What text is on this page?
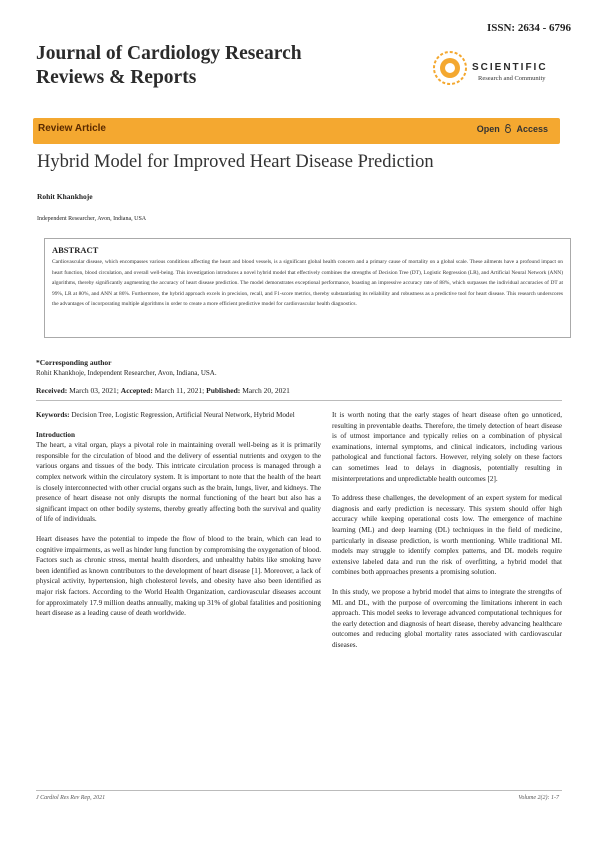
ISSN: 2634 - 6796
Journal of Cardiology Research
Reviews & Reports	SCIENTIFIC
Research and Community
Review Article	Open Access
Hybrid Model for Improved Heart Disease Prediction
Rohit Khankhoje
Independent Researcher, Avon, Indiana, USA
ABSTRACT
Cardiovascular disease, which encompasses various conditions affecting the heart and blood vessels, is a significant global health concern and a primary cause of mortality on a global scale. These ailments have a profound impact on heart function, blood circulation, and overall well-being. This investigation introduces a novel hybrid model that effectively combines the strengths of Decision Tree (DT), Logistic Regression (LR), and Artificial Neural Network (ANN) algorithms, thereby significantly augmenting the accuracy of heart disease prediction. The model demonstrates exceptional performance, boasting an impressive accuracy rate of 88%, which surpasses the individual accuracies of DT at 99%, LR at 80%, and ANN at 86%. Furthermore, the hybrid approach excels in precision, recall, and F1-score metrics, thereby substantiating its reliability and robustness as a predictive tool for heart disease. This research underscores the advantages of incorporating multiple algorithms in order to create a more efficient predictive model for cardiovascular health diagnostics.
*Corresponding author
Rohit Khankhoje, Independent Researcher, Avon, Indiana, USA.
Received: March 03, 2021; Accepted: March 11, 2021; Published: March 20, 2021

Keywords: Decision Tree, Logistic Regression, Artificial Neural Network, Hybrid Model

Introduction
The heart, a vital organ, plays a pivotal role in maintaining overall well-being as it is primarily responsible for the circulation of blood and the delivery of essential nutrients and oxygen to the various organs and tissues of the body. This intricate circulation process is managed through a complex network within the circulatory system. It is important to note that the health of the heart is closely interconnected with other crucial organs such as the brain, lungs, liver, and kidneys. The presence of heart disease not only disrupts the normal functioning of the heart but also has a significant impact on other bodily systems, thereby greatly affecting both the survival and quality of life of individuals.

Heart diseases have the potential to impede the flow of blood to the brain, which can lead to cognitive impairments, as well as hinder lung function by compromising the oxygenation of blood. Factors such as chronic stress, mental health disorders, and unhealthy habits like smoking have been identified as known contributors to the development of heart disease [1]. Moreover, a lack of physical activity, hypertension, high cholesterol levels, and obesity have also been identified as major risk factors. According to the World Health Organization, cardiovascular diseases account for approximately 17.9 million deaths annually, making up 31% of global fatalities and positioning heart disease as a leading cause of death worldwide.

It is worth noting that the early stages of heart disease often go unnoticed, resulting in preventable deaths. Therefore, the timely detection of heart disease is of utmost importance and typically relies on a combination of physical examinations, internal symptoms, and clinical indicators, including various pathological and functional factors. However, relying solely on these factors can sometimes lead to delays in diagnosis, potentially resulting in misinterpretations and unpredictable health outcomes [2].

To address these challenges, the development of an expert system for medical diagnosis and early prediction is necessary. This system should offer high accuracy while keeping operational costs low. The emergence of machine learning (ML) and deep learning (DL) techniques in the field of medicine, particularly in disease prediction, is worth mentioning. While traditional ML models may struggle to identify complex patterns, and DL models require extensive labeled data and run the risk of overfitting, a hybrid model that combines both approaches presents a promising solution.

In this study, we propose a hybrid model that aims to integrate the strengths of ML and DL, with the purpose of overcoming the limitations inherent in each approach. This model seeks to leverage advanced computational techniques for the early detection and diagnosis of heart disease, thereby advancing healthcare outcomes and reducing global mortality rates associated with cardiovascular diseases.

J Cardiol Res Rev Rep, 2021	Volume 2(2): 1-7
